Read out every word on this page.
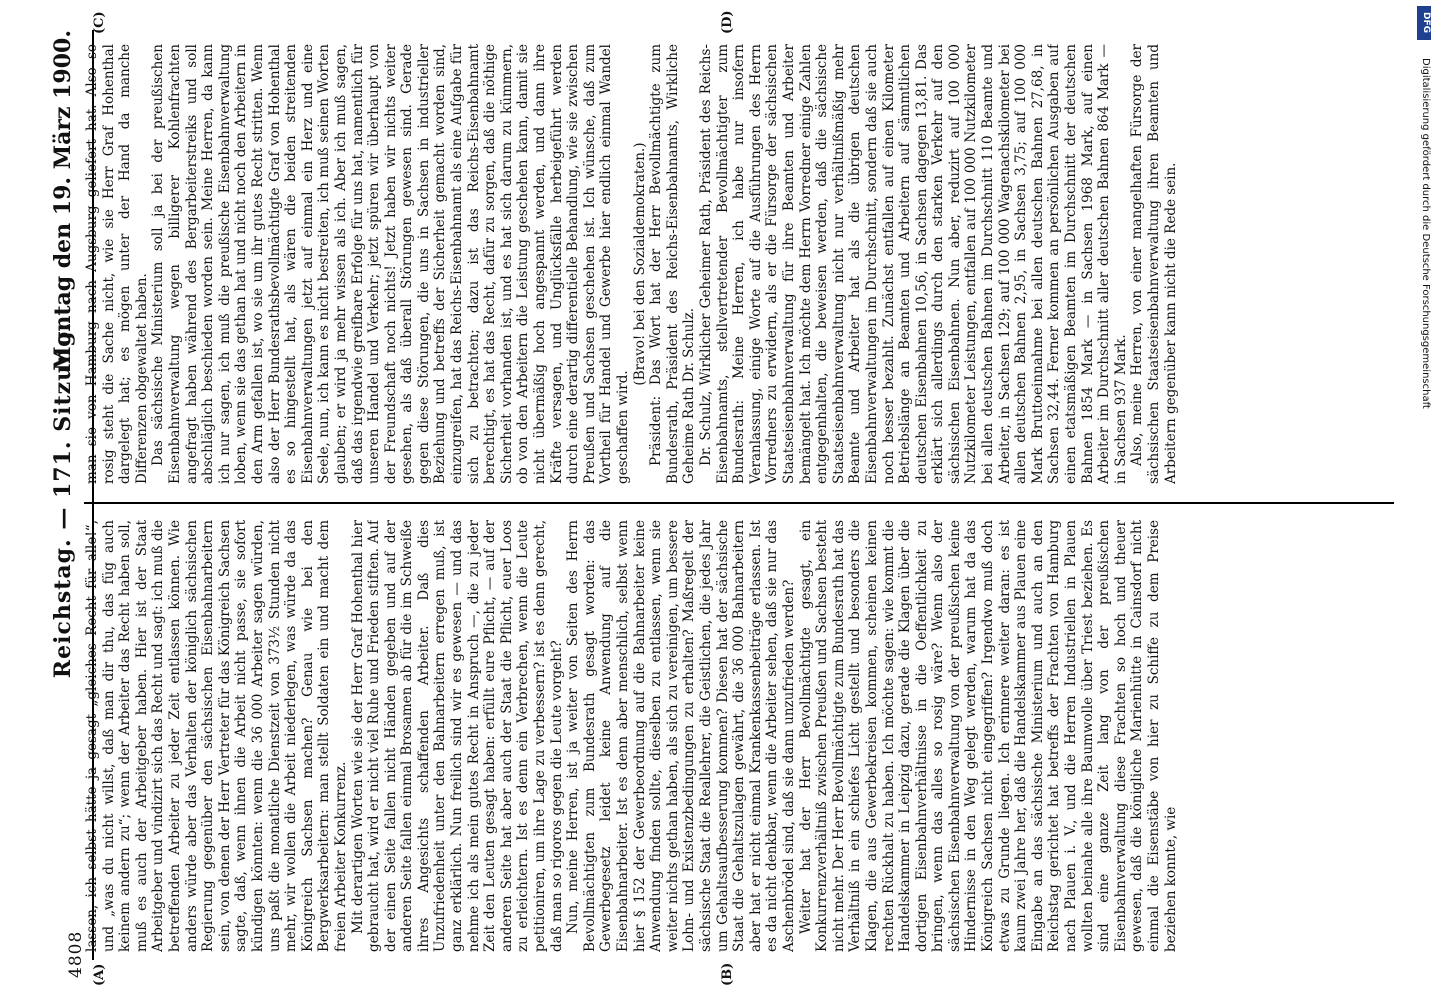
4808
Reichstag. — 171. Sitzung.
Montag den 19. März 1900.
(A)	(B)
(C)	(D)

lassen, ich selbst hätte ja gesagt „gleiches Recht für alle!“, und „was du nicht willst, daß man dir thu, das füg auch keinem andern zu“; wenn der Arbeiter das Recht haben soll, muß es auch der Arbeitgeber haben. Hier ist der Staat Arbeitgeber und vindizirt sich das Recht und sagt: ich muß die betreffenden Arbeiter zu jeder Zeit entlassen können. Wie anders würde aber das Verhalten der königlich sächsischen Regierung gegenüber den sächsischen Eisenbahnarbeitern sein, von denen der Herr Vertreter für das Königreich Sachsen sagte, daß, wenn ihnen die Arbeit nicht passe, sie sofort kündigen könnten: wenn die 36 000 Arbeiter sagen würden, uns paßt die monatliche Dienstzeit von 373½ Stunden nicht mehr, wir wollen die Arbeit niederlegen, was würde da das Königreich Sachsen machen? Genau wie bei den Bergwerksarbeitern: man stellt Soldaten ein und macht dem freien Arbeiter Konkurrenz. Mit derartigen Worten wie sie der Herr Graf Hohenthal hier gebraucht hat, wird er nicht viel Ruhe und Frieden stiften. Auf der einen Seite fallen nicht Händen gegeben und auf der anderen Seite fallen einmal Brosamen ab für die im Schweiße ihres Angesichts schaffenden Arbeiter. Daß dies Unzufriedenheit unter den Bahnarbeitern erregen muß, ist ganz erklärlich. Nun freilich sind wir es gewesen — und das nehme ich als mein gutes Recht in Anspruch —, die zu jeder Zeit den Leuten gesagt haben: erfüllt eure Pflicht, — auf der anderen Seite hat aber auch der Staat die Pflicht, euer Loos zu erleichtern. Ist es denn ein Verbrechen, wenn die Leute petitioniren, um ihre Lage zu verbessern? ist es denn gerecht, daß man so rigoros gegen die Leute vorgeht? Nun, meine Herren, ist ja weiter von Seiten des Herrn Bevollmächtigten zum Bundesrath gesagt worden: das Gewerbegesetz leidet keine Anwendung auf die Eisenbahnarbeiter. Ist es denn aber menschlich, selbst wenn hier § 152 der Gewerbeordnung auf die Bahnarbeiter keine Anwendung finden sollte, dieselben zu entlassen, wenn sie weiter nichts gethan haben, als sich zu vereinigen, um bessere Lohn- und Existenzbedingungen zu erhalten? Maßregelt der sächsische Staat die Reallehrer, die Geistlichen, die jedes Jahr um Gehaltsaufbesserung kommen? Diesen hat der sächsische Staat die Gehaltszulagen gewährt, die 36 000 Bahnarbeitern aber hat er nicht einmal Krankenkassenbeiträge erlassen. Ist es da nicht denkbar, wenn die Arbeiter sehen, daß sie nur das Aschenbrödel sind, daß sie dann unzufrieden werden? Weiter hat der Herr Bevollmächtigte gesagt, ein Konkurrenzverhältniß zwischen Preußen und Sachsen besteht nicht mehr. Der Herr Bevollmächtigte zum Bundesrath hat das Verhältniß in ein schiefes Licht gestellt und besonders die Klagen, die aus Gewerbekreisen kommen, scheinen keinen rechten Rückhalt zu haben. Ich möchte sagen: wie kommt die Handelskammer in Leipzig dazu, gerade die Klagen über die dortigen Eisenbahnverhältnisse in die Oeffentlichkeit zu bringen, wenn das alles so rosig wäre? Wenn also der sächsischen Eisenbahnverwaltung von der preußischen keine Hindernisse in den Weg gelegt werden, warum hat da das Königreich Sachsen nicht eingegriffen? Irgendwo muß doch etwas zu Grunde liegen. Ich erinnere weiter daran: es ist kaum zwei Jahre her, daß die Handelskammer aus Plauen eine Eingabe an das sächsische Ministerium und auch an den Reichstag gerichtet hat betreffs der Frachten von Hamburg nach Plauen i. V., und die Herren Industriellen in Plauen wollten beinahe alle ihre Baumwolle über Triest beziehen. Es sind eine ganze Zeit lang von der preußischen Eisenbahnverwaltung diese Frachten so hoch und theuer gewesen, daß die königliche Marienhütte in Cainsdorf nicht einmal die Eisenstäbe von hier zu Schiffe zu dem Preise beziehen konnte, wie

man sie von Hamburg nach Augsburg geliefert hat. Also so rosig steht die Sache nicht, wie sie Herr Graf Hohenthal dargelegt hat; es mögen unter der Hand da manche Differenzen obgewaltet haben. Das sächsische Ministerium soll ja bei der preußischen Eisenbahnverwaltung wegen billigerer Kohlenfrachten angefragt haben während des Bergarbeiterstreiks und soll abschläglich beschieden worden sein. Meine Herren, da kann ich nur sagen, ich muß die preußische Eisenbahnverwaltung loben, wenn sie das gethan hat und nicht noch den Arbeitern in den Arm gefallen ist, wo sie um ihr gutes Recht stritten. Wenn also der Herr Bundesrathsbevollmächtigte Graf von Hohenthal es so hingestellt hat, als wären die beiden streitenden Eisenbahnverwaltungen jetzt auf einmal ein Herz und eine Seele, nun, ich kann es nicht bestreiten, ich muß seinen Worten glauben; er wird ja mehr wissen als ich. Aber ich muß sagen, daß das irgendwie greifbare Erfolge für uns hat, namentlich für unseren Handel und Verkehr; jetzt spüren wir überhaupt von der Freundschaft noch nichts! Jetzt haben wir nichts weiter gesehen, als daß überall Störungen gewesen sind. Gerade gegen diese Störungen, die uns in Sachsen in industrieller Beziehung und betreffs der Sicherheit gemacht worden sind, einzugreifen, hat das Reichs-Eisenbahnamt als eine Aufgabe für sich zu betrachten; dazu ist das Reichs-Eisenbahnamt berechtigt, es hat das Recht, dafür zu sorgen, daß die nöthige Sicherheit vorhanden ist, und es hat sich darum zu kümmern, ob von den Arbeitern die Leistung geschehen kann, damit sie nicht übermäßig hoch angespannt werden, und dann ihre Kräfte versagen, und Unglücksfälle herbeigeführt werden durch eine derartig differentielle Behandlung, wie sie zwischen Preußen und Sachsen geschehen ist. Ich wünsche, daß zum Vortheil für Handel und Gewerbe hier endlich einmal Wandel geschaffen wird.

(Bravo! bei den Sozialdemokraten.) Präsident: Das Wort hat der Herr Bevollmächtigte zum Bundesrath, Präsident des Reichs-Eisenbahnamts, Wirkliche Geheime Rath Dr. Schulz. Dr. Schulz, Wirklicher Geheimer Rath, Präsident des Reichs-Eisenbahnamts, stellvertretender Bevollmächtigter zum Bundesrath: Meine Herren, ich habe nur insofern Veranlassung, einige Worte auf die Ausführungen des Herrn Vorredners zu erwidern, als er die Fürsorge der sächsischen Staatseisenbahnverwaltung für ihre Beamten und Arbeiter bemängelt hat. Ich möchte dem Herrn Vorredner einige Zahlen entgegenhalten, die beweisen werden, daß die sächsische Staatseisenbahnverwaltung nicht nur verhältnißmäßig mehr Beamte und Arbeiter hat als die übrigen deutschen Eisenbahnverwaltungen im Durchschnitt, sondern daß sie auch noch besser bezahlt. Zunächst entfallen auf einen Kilometer Betriebslänge an Beamten und Arbeitern auf sämmtlichen deutschen Eisenbahnen 10,56, in Sachsen dagegen 13,81. Das erklärt sich allerdings durch den starken Verkehr auf den sächsischen Eisenbahnen. Nun aber, reduzirt auf 100 000 Nutzkilometer Leistungen, entfallen auf 100 000 Nutzkilometer bei allen deutschen Bahnen im Durchschnitt 110 Beamte und Arbeiter, in Sachsen 129; auf 100 000 Wagenachskilometer bei allen deutschen Bahnen 2,95, in Sachsen 3,75; auf 100 000 Mark Bruttoeinnahme bei allen deutschen Bahnen 27,68, in Sachsen 32,44. Ferner kommen an persönlichen Ausgaben auf einen etatsmäßigen Beamten im Durchschnitt der deutschen Bahnen 1854 Mark — in Sachsen 1968 Mark, auf einen Arbeiter im Durchschnitt aller deutschen Bahnen 864 Mark — in Sachsen 937 Mark. Also, meine Herren, von einer mangelhaften Fürsorge der sächsischen Staatseisenbahnverwaltung ihren Beamten und Arbeitern gegenüber kann nicht die Rede sein.

DFG
Digitalisierung gefördert durch die Deutsche Forschungsgemeinschaft
